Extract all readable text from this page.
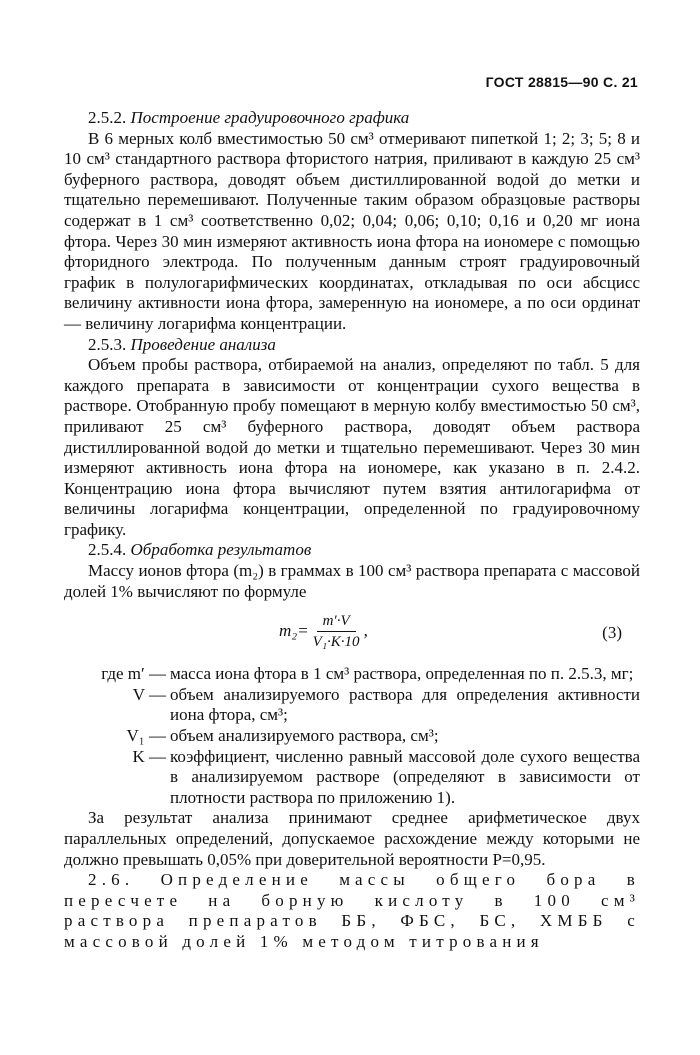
ГОСТ 28815—90 С. 21

2.5.2. Построение градуировочного графика

В 6 мерных колб вместимостью 50 см³ отмеривают пипеткой 1; 2; 3; 5; 8 и 10 см³ стандартного раствора фтористого натрия, приливают в каждую 25 см³ буферного раствора, доводят объем дистиллированной водой до метки и тщательно перемешивают. Полученные таким образом образцовые растворы содержат в 1 см³ соответственно 0,02; 0,04; 0,06; 0,10; 0,16 и 0,20 мг иона фтора. Через 30 мин измеряют активность иона фтора на иономере с помощью фторидного электрода. По полученным данным строят градуировочный график в полулогарифмических координатах, откладывая по оси абсцисс величину активности иона фтора, замеренную на иономере, а по оси ординат— величину логарифма концентрации.

2.5.3. Проведение анализа

Объем пробы раствора, отбираемой на анализ, определяют по табл. 5 для каждого препарата в зависимости от концентрации сухого вещества в растворе. Отобранную пробу помещают в мерную колбу вместимостью 50 см³, приливают 25 см³ буферного раствора, доводят объем раствора дистиллированной водой до метки и тщательно перемешивают. Через 30 мин измеряют активность иона фтора на иономере, как указано в п. 2.4.2. Концентрацию иона фтора вычисляют путем взятия антилогарифма от величины логарифма концентрации, определенной по градуировочному графику.

2.5.4. Обработка результатов

Массу ионов фтора (m₂) в граммах в 100 см³ раствора препарата с массовой долей 1% вычисляют по формуле

$m_2= \frac{m'\cdot V}{\text{V₁·K·10}}$ ,	(3)
где m′ — масса иона фтора в 1 см³ раствора, определенная по п. 2.5.3, мг;
V — объем анализируемого раствора для определения активности иона фтора, см³;
V₁ — объем анализируемого раствора, см³;
K — коэффициент, численно равный массовой доле сухого вещества в анализируемом растворе (определяют в зависимости от плотности раствора по приложению 1).

За результат анализа принимают среднее арифметическое двух параллельных определений, допускаемое расхождение между которыми не должно превышать 0,05% при доверительной вероятности Р=0,95.

2.6. Определение массы общего бора в пересчете на борную кислоту в 100 см³ раствора препаратов ББ, ФБС, БС, ХМББ с массовой долей 1% методом титрования
